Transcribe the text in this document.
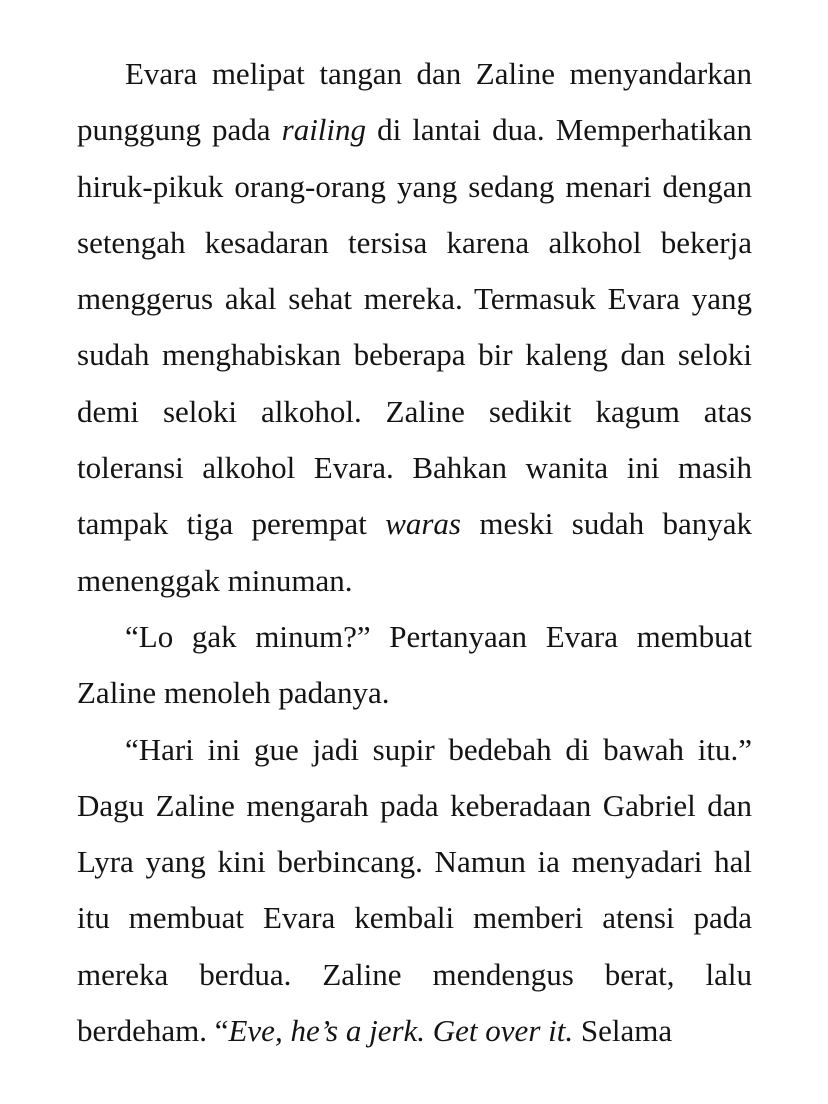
Evara melipat tangan dan Zaline menyandarkan punggung pada railing di lantai dua. Memperhatikan hiruk-pikuk orang-orang yang sedang menari dengan setengah kesadaran tersisa karena alkohol bekerja menggerus akal sehat mereka. Termasuk Evara yang sudah menghabiskan beberapa bir kaleng dan seloki demi seloki alkohol. Zaline sedikit kagum atas toleransi alkohol Evara. Bahkan wanita ini masih tampak tiga perempat waras meski sudah banyak menenggak minuman.

“Lo gak minum?” Pertanyaan Evara membuat Zaline menoleh padanya.

“Hari ini gue jadi supir bedebah di bawah itu.” Dagu Zaline mengarah pada keberadaan Gabriel dan Lyra yang kini berbincang. Namun ia menyadari hal itu membuat Evara kembali memberi atensi pada mereka berdua. Zaline mendengus berat, lalu berdeham. “Eve, he’s a jerk. Get over it. Selama
